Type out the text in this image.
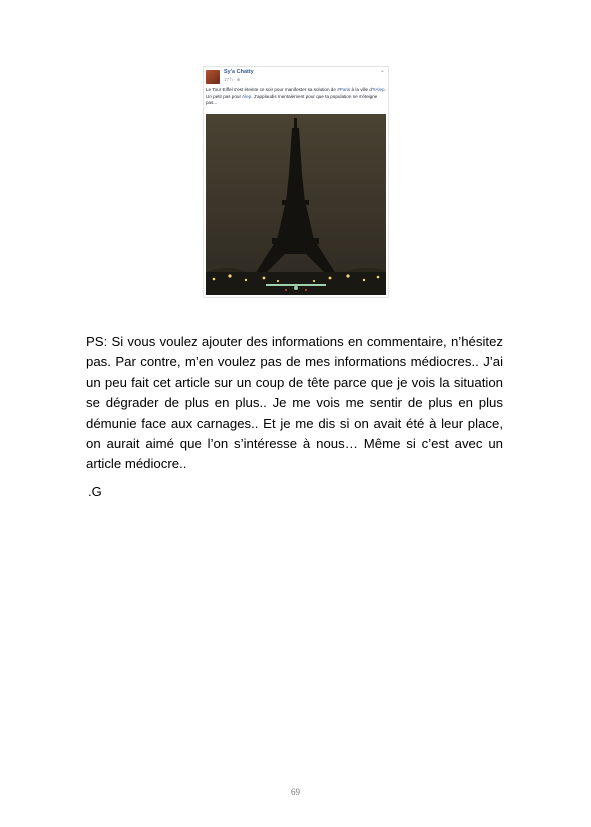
Sy'a Chatty
17 h · ⊕
⌄
Le Tour Eiffel s'est éteinte ce soir pour manifester sa solution de #Paris à la ville d'#Alep. Un petit pas pour Alep. J'applaudis mentalement pour que ta population ne s'éteigne pas...

PS: Si vous voulez ajouter des informations en commentaire, n’hésitez pas. Par contre, m’en voulez pas de mes informations médiocres.. J’ai un peu fait cet article sur un coup de tête parce que je vois la situation se dégrader de plus en plus.. Je me vois me sentir de plus en plus démunie face aux carnages.. Et je me dis si on avait été à leur place, on aurait aimé que l’on s’intéresse à nous… Même si c’est avec un article médiocre..

.G
69
